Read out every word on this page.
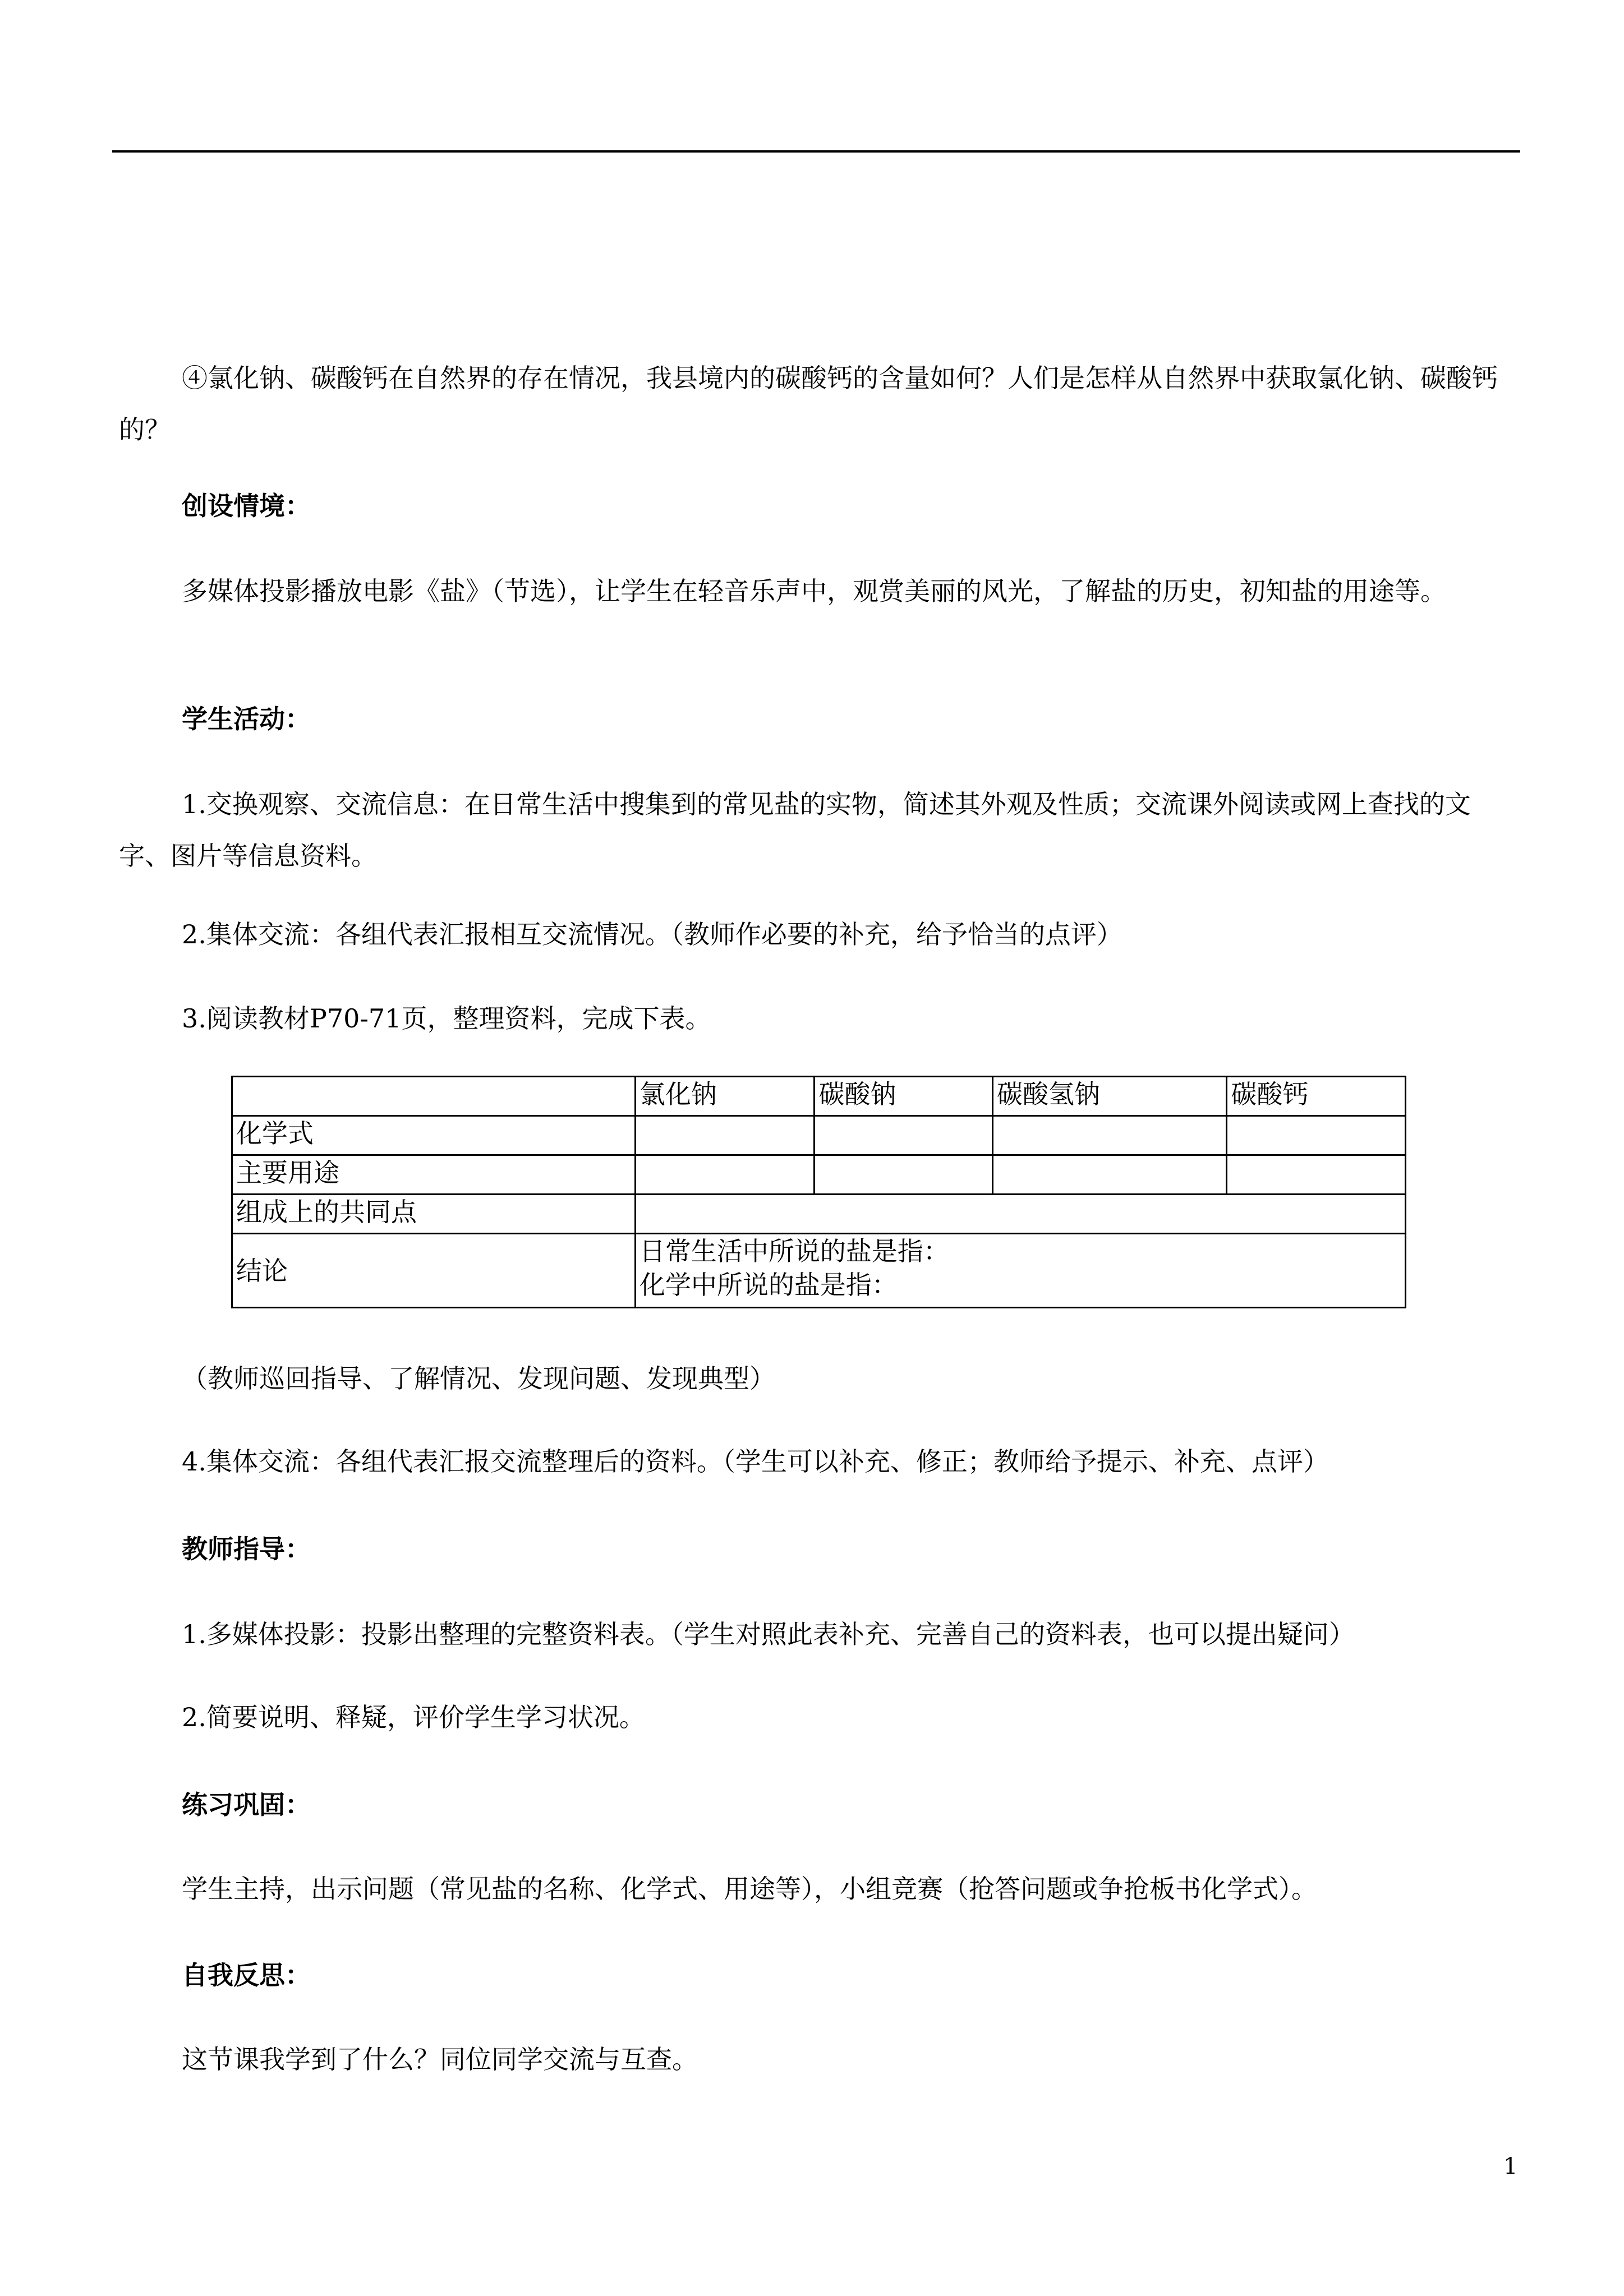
④氯化钠、碳酸钙在自然界的存在情况，我县境内的碳酸钙的含量如何？人们是怎样从自然界中获取氯化钠、碳酸钙的？

创设情境：

多媒体投影播放电影《盐》（节选），让学生在轻音乐声中，观赏美丽的风光，了解盐的历史，初知盐的用途等。

学生活动：

1.交换观察、交流信息：在日常生活中搜集到的常见盐的实物，简述其外观及性质；交流课外阅读或网上查找的文字、图片等信息资料。

2.集体交流：各组代表汇报相互交流情况。（教师作必要的补充，给予恰当的点评）

3.阅读教材P70-71页，整理资料，完成下表。

	氯化钠	碳酸钠	碳酸氢钠	碳酸钙
化学式				
主要用途				
组成上的共同点				
结论	日常生活中所说的盐是指：
化学中所说的盐是指：			

（教师巡回指导、了解情况、发现问题、发现典型）

4.集体交流：各组代表汇报交流整理后的资料。（学生可以补充、修正；教师给予提示、补充、点评）

教师指导：

1.多媒体投影：投影出整理的完整资料表。（学生对照此表补充、完善自己的资料表，也可以提出疑问）

2.简要说明、释疑，评价学生学习状况。

练习巩固：

学生主持，出示问题（常见盐的名称、化学式、用途等），小组竞赛（抢答问题或争抢板书化学式）。

自我反思：

这节课我学到了什么？同位同学交流与互查。

1
